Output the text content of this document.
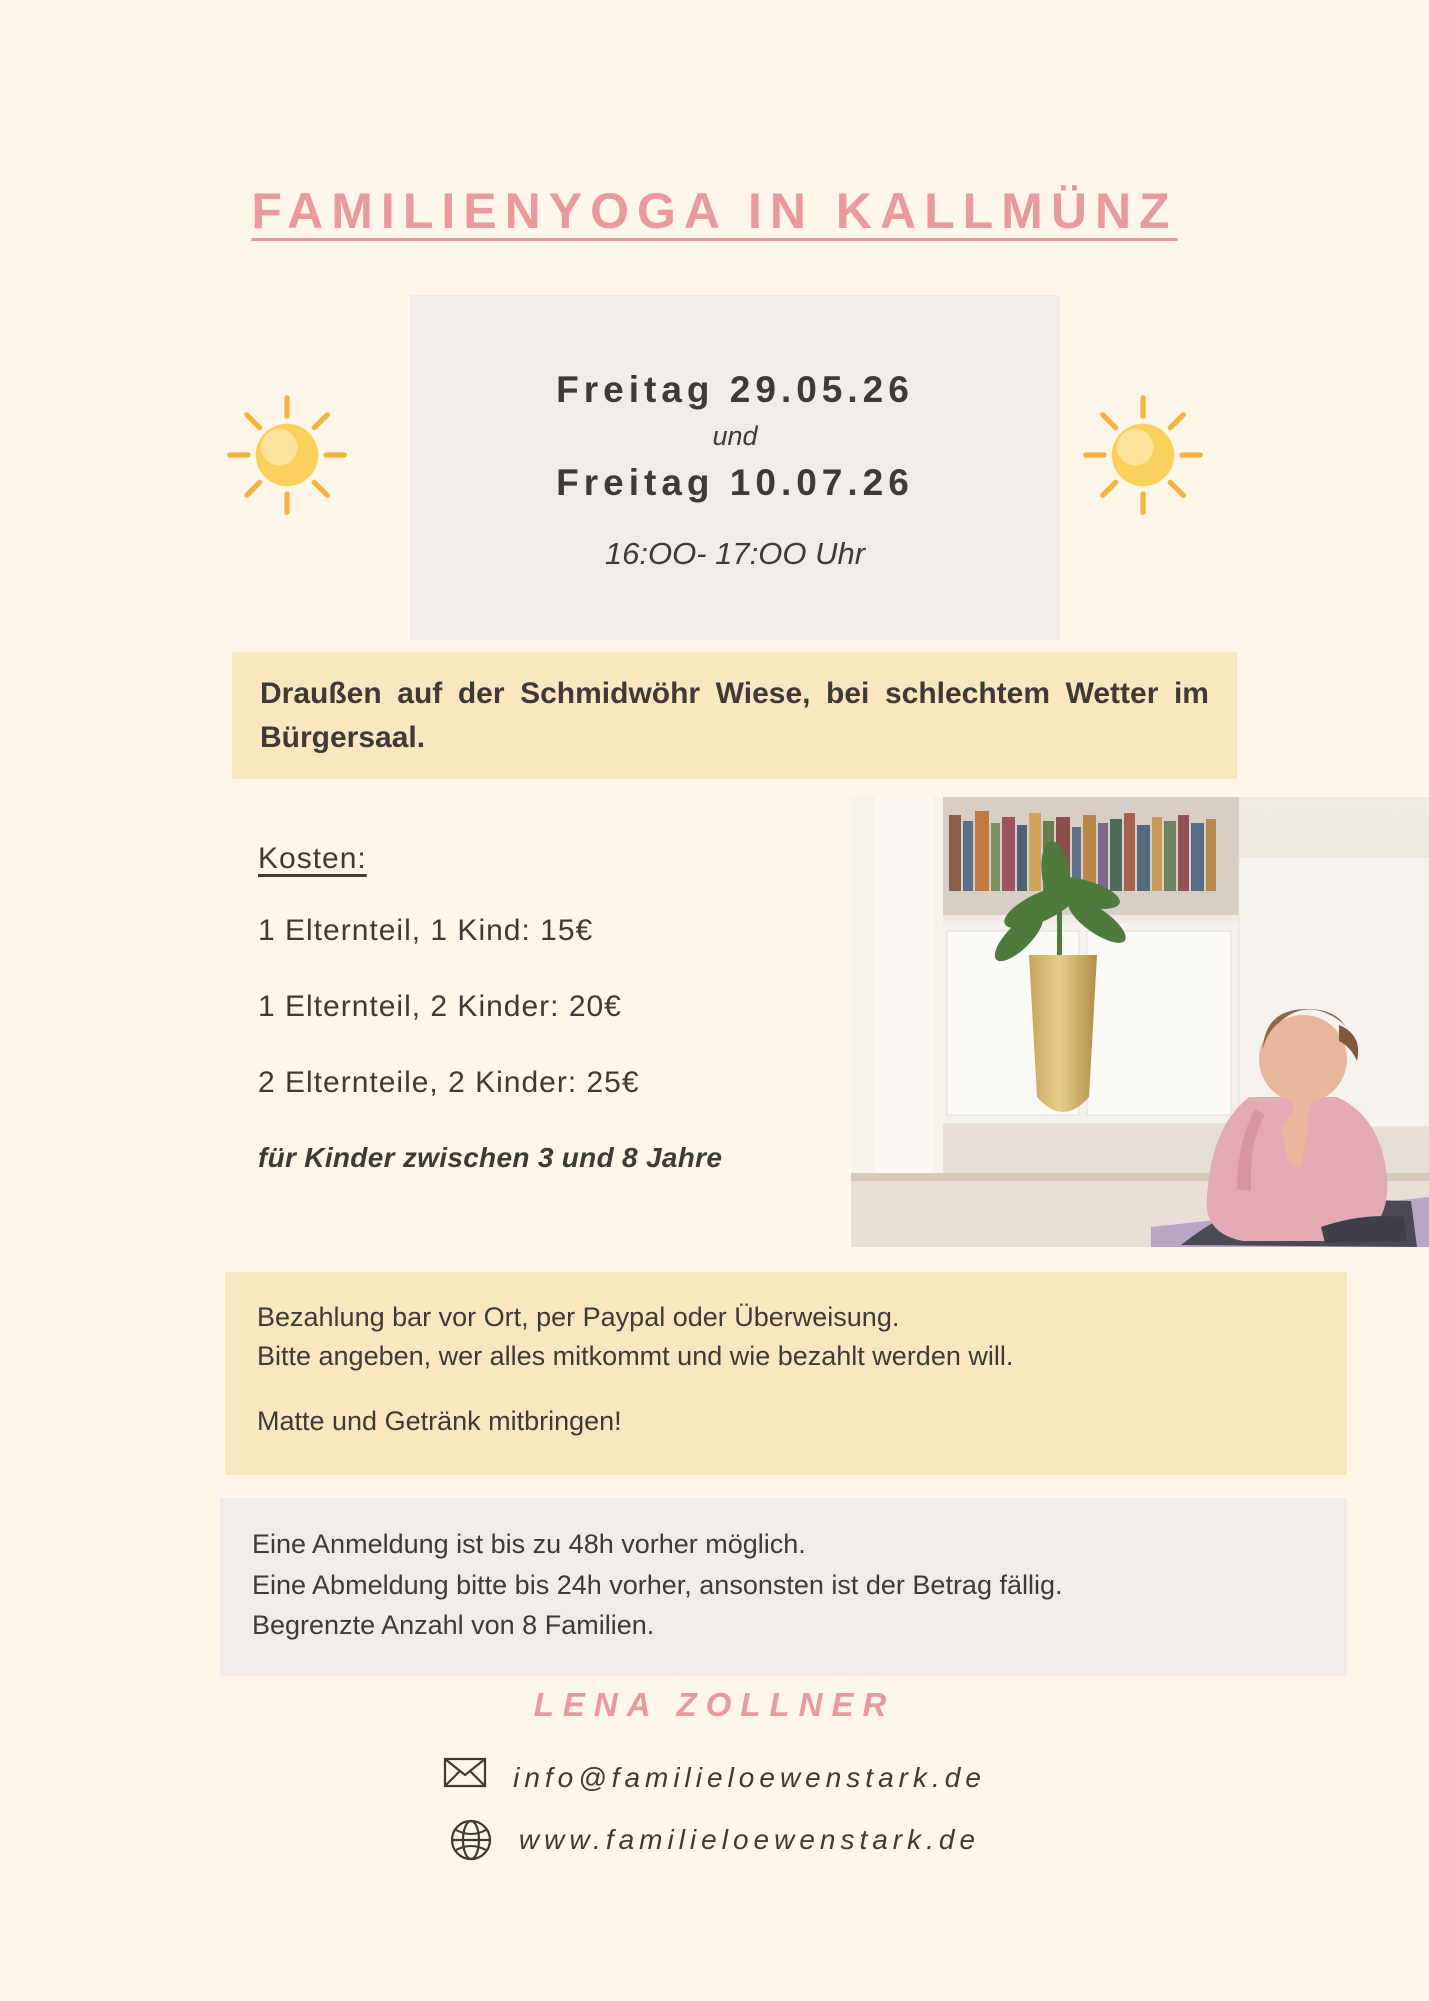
FAMILIENYOGA IN KALLMÜNZ
Freitag 29.05.26
und
Freitag 10.07.26
16:OO- 17:OO Uhr
Draußen auf der Schmidwöhr Wiese, bei schlechtem Wetter im Bürgersaal.
Kosten:
1 Elternteil, 1 Kind: 15€
1 Elternteil, 2 Kinder: 20€
2 Elternteile, 2 Kinder: 25€
für Kinder zwischen 3 und 8 Jahre

Bezahlung bar vor Ort, per Paypal oder Überweisung.

Bitte angeben, wer alles mitkommt und wie bezahlt werden will.

Matte und Getränk mitbringen!

Eine Anmeldung ist bis zu 48h vorher möglich.

Eine Abmeldung bitte bis 24h vorher, ansonsten ist der Betrag fällig.

Begrenzte Anzahl von 8 Familien.

LENA ZOLLNER
info@familieloewenstark.de
www.familieloewenstark.de
